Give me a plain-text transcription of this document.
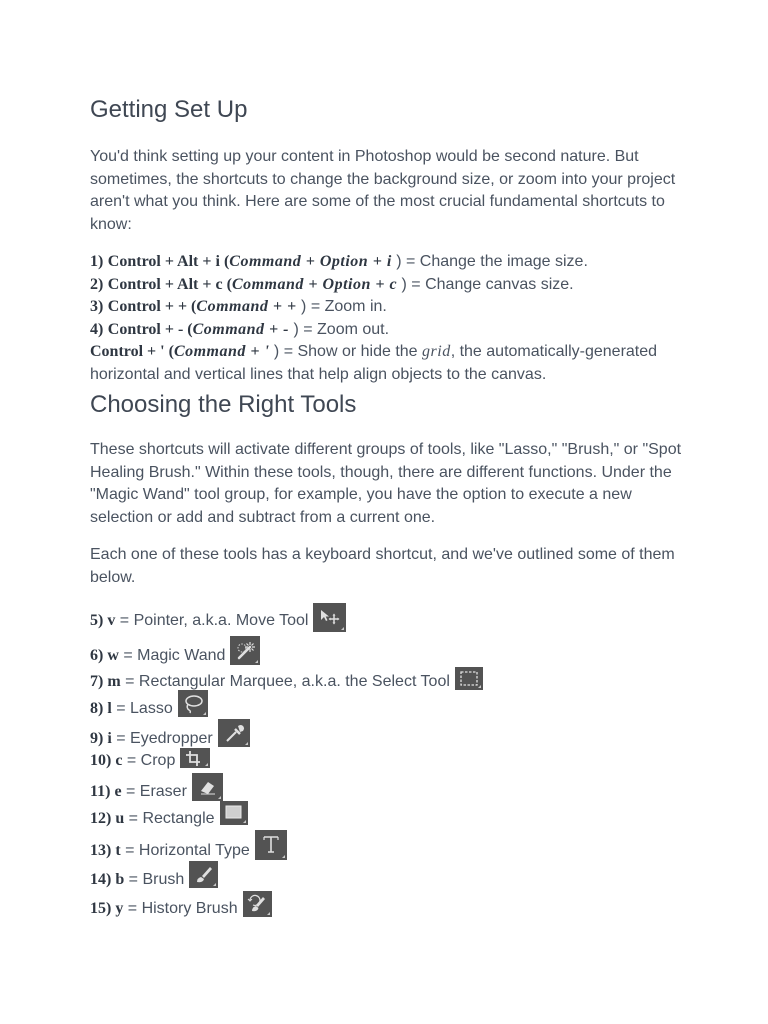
Getting Set Up

You'd think setting up your content in Photoshop would be second nature. But sometimes, the shortcuts to change the background size, or zoom into your project aren't what you think. Here are some of the most crucial fundamental shortcuts to know:

1) Control + Alt + i (Command + Option + i ) = Change the image size.
2) Control + Alt + c (Command + Option + c ) = Change canvas size.
3) Control + + (Command + + ) = Zoom in.
4) Control + - (Command + - ) = Zoom out.
Control + ' (Command + ' ) = Show or hide the grid, the automatically-generated horizontal and vertical lines that help align objects to the canvas.
Choosing the Right Tools

These shortcuts will activate different groups of tools, like "Lasso," "Brush," or "Spot Healing Brush." Within these tools, though, there are different functions. Under the "Magic Wand" tool group, for example, you have the option to execute a new selection or add and subtract from a current one.

Each one of these tools has a keyboard shortcut, and we've outlined some of them below.

5) v = Pointer, a.k.a. Move Tool
6) w = Magic Wand
7) m = Rectangular Marquee, a.k.a. the Select Tool
8) l = Lasso
9) i = Eyedropper
10) c = Crop
11) e = Eraser
12) u = Rectangle
13) t = Horizontal Type
14) b = Brush
15) y = History Brush
